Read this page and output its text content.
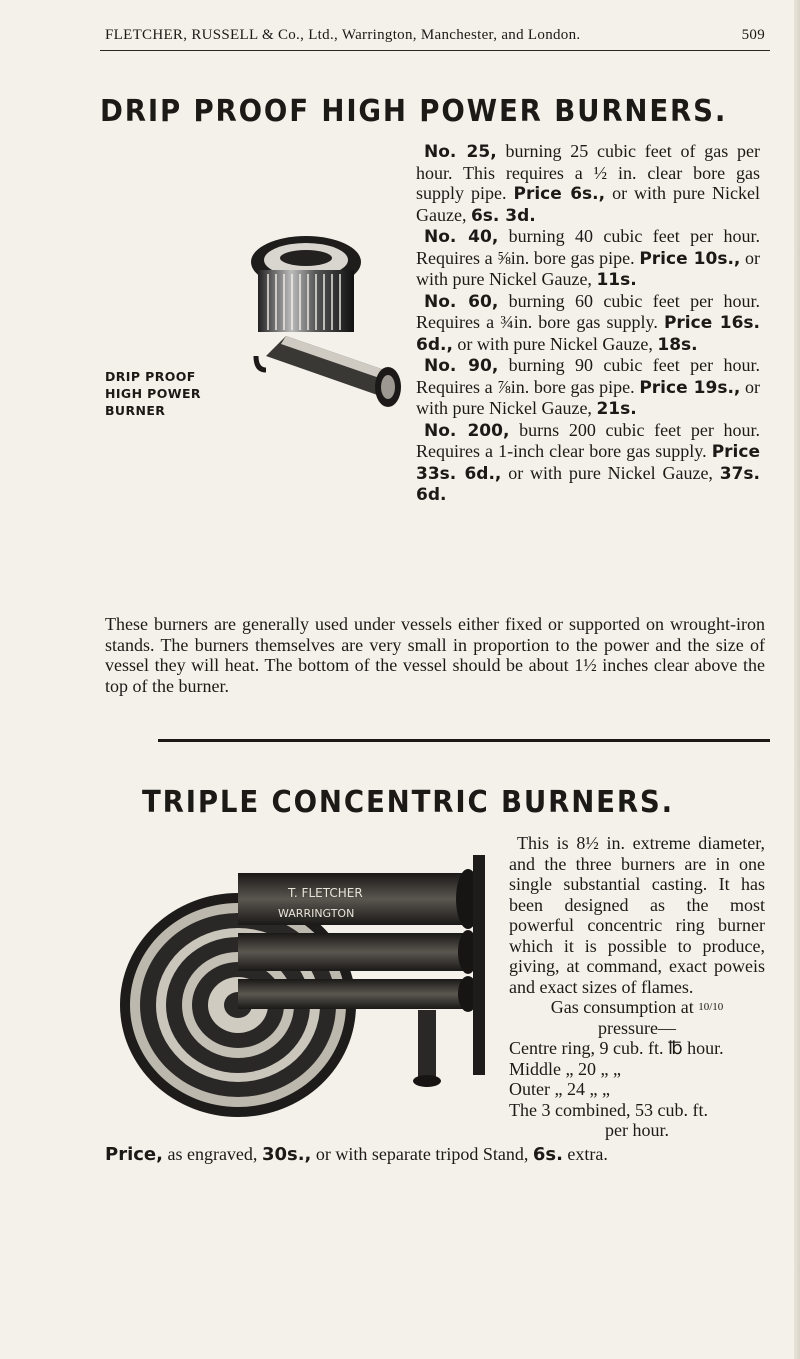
FLETCHER, RUSSELL & Co., Ltd., Warrington, Manchester, and London.	509
DRIP PROOF HIGH POWER BURNERS.
DRIP PROOF
HIGH POWER BURNER

No. 25, burning 25 cubic feet of gas per hour. This requires a ½ in. clear bore gas supply pipe. Price 6s., or with pure Nickel Gauze, 6s. 3d.

No. 40, burning 40 cubic feet per hour. Requires a ⅝in. bore gas pipe. Price 10s., or with pure Nickel Gauze, 11s.

No. 60, burning 60 cubic feet per hour. Requires a ¾in. bore gas supply. Price 16s. 6d., or with pure Nickel Gauze, 18s.

No. 90, burning 90 cubic feet per hour. Requires a ⅞in. bore gas pipe. Price 19s., or with pure Nickel Gauze, 21s.

No. 200, burns 200 cubic feet per hour. Requires a 1-inch clear bore gas supply. Price 33s. 6d., or with pure Nickel Gauze, 37s. 6d.

These burners are generally used under vessels either fixed or supported on wrought-iron stands. The burners themselves are very small in proportion to the power and the size of vessel they will heat. The bottom of the vessel should be about 1½ inches clear above the top of the burner.
TRIPLE CONCENTRIC BURNERS.
T. FLETCHER
WARRINGTON

This is 8½ in. extreme diameter, and the three burners are in one single substantial casting. It has been designed as the most powerful concentric ring burner which it is possible to produce, giving, at command, exact poweis and exact sizes of flames.

Gas consumption at 10/10
pressure—

Centre ring, 9 cub. ft. ℔ hour.

Middle „ 20 „ „

Outer „ 24 „ „

The 3 combined, 53 cub. ft.

per hour.

Price, as engraved, 30s., or with separate tripod Stand, 6s. extra.
